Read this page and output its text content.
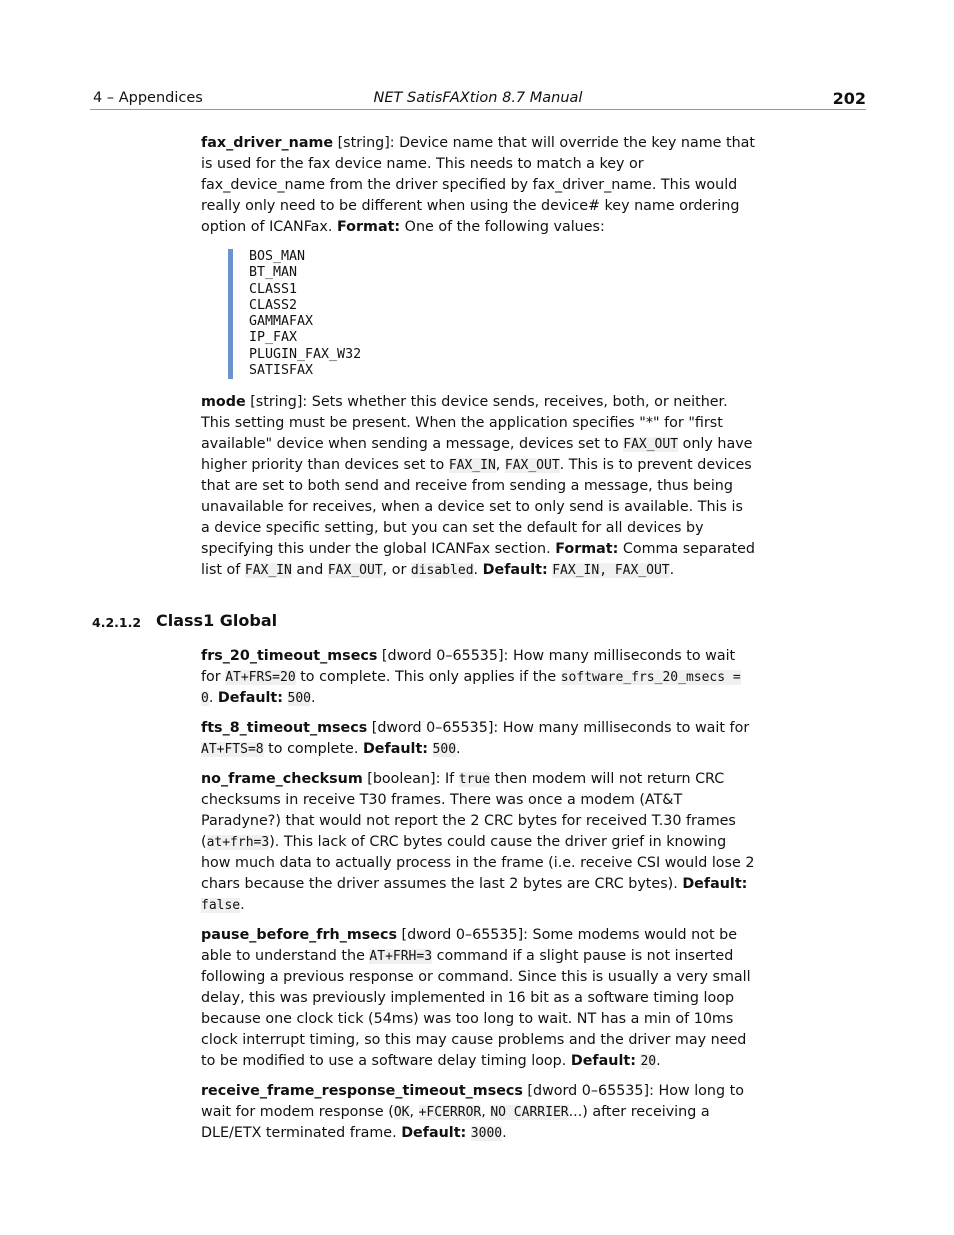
4 – Appendices	NET SatisFAXtion 8.7 Manual	202

fax_driver_name [string]: Device name that will override the key name that is used for the fax device name. This needs to match a key or fax_device_name from the driver specified by fax_driver_name. This would really only need to be different when using the device# key name ordering option of ICANFax. Format: One of the following values:

BOS_MAN
BT_MAN
CLASS1
CLASS2
GAMMAFAX
IP_FAX
PLUGIN_FAX_W32
SATISFAX

mode [string]: Sets whether this device sends, receives, both, or neither. This setting must be present. When the application specifies "*" for "first available" device when sending a message, devices set to FAX_OUT only have higher priority than devices set to FAX_IN, FAX_OUT. This is to prevent devices that are set to both send and receive from sending a message, thus being unavailable for receives, when a device set to only send is available. This is a device specific setting, but you can set the default for all devices by specifying this under the global ICANFax section. Format: Comma separated list of FAX_IN and FAX_OUT, or disabled. Default: FAX_IN, FAX_OUT.

4.2.1.2 Class1 Global

frs_20_timeout_msecs [dword 0–65535]: How many milliseconds to wait for AT+FRS=20 to complete. This only applies if the software_frs_20_msecs = 0. Default: 500.

fts_8_timeout_msecs [dword 0–65535]: How many milliseconds to wait for AT+FTS=8 to complete. Default: 500.

no_frame_checksum [boolean]: If true then modem will not return CRC checksums in receive T30 frames. There was once a modem (AT&T Paradyne?) that would not report the 2 CRC bytes for received T.30 frames (at+frh=3). This lack of CRC bytes could cause the driver grief in knowing how much data to actually process in the frame (i.e. receive CSI would lose 2 chars because the driver assumes the last 2 bytes are CRC bytes). Default: false.

pause_before_frh_msecs [dword 0–65535]: Some modems would not be able to understand the AT+FRH=3 command if a slight pause is not inserted following a previous response or command. Since this is usually a very small delay, this was previously implemented in 16 bit as a software timing loop because one clock tick (54ms) was too long to wait. NT has a min of 10ms clock interrupt timing, so this may cause problems and the driver may need to be modified to use a software delay timing loop. Default: 20.

receive_frame_response_timeout_msecs [dword 0–65535]: How long to wait for modem response (OK, +FCERROR, NO CARRIER...) after receiving a DLE/ETX terminated frame. Default: 3000.
